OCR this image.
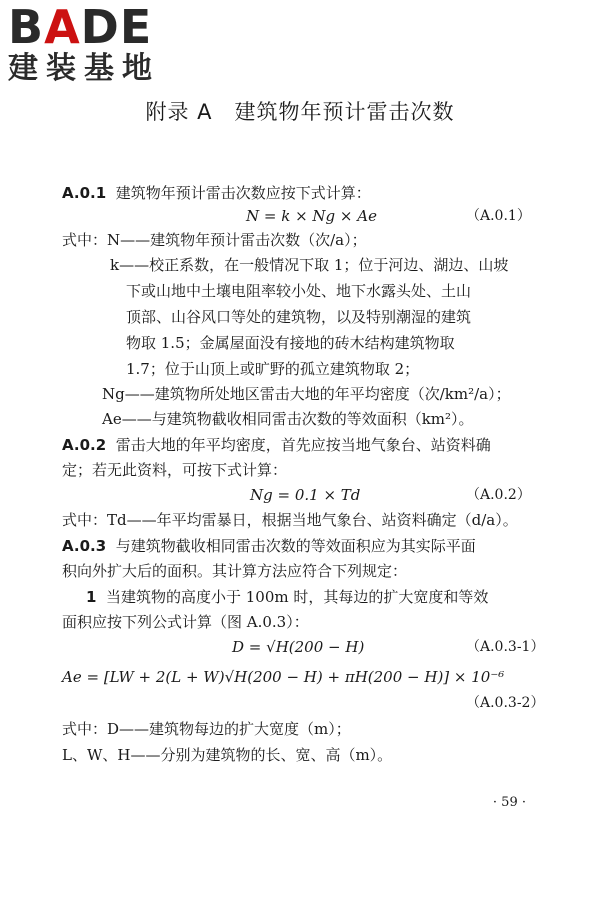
BADE
建装基地
附录 A 建筑物年预计雷击次数
A.0.1 建筑物年预计雷击次数应按下式计算：
N = k × Ng × Ae	（A.0.1）
式中：N——建筑物年预计雷击次数（次/a）；
k——校正系数，在一般情况下取 1；位于河边、湖边、山坡
下或山地中土壤电阻率较小处、地下水露头处、土山
顶部、山谷风口等处的建筑物，以及特别潮湿的建筑
物取 1.5；金属屋面没有接地的砖木结构建筑物取
1.7；位于山顶上或旷野的孤立建筑物取 2；
Ng——建筑物所处地区雷击大地的年平均密度（次/km²/a）；
Ae——与建筑物截收相同雷击次数的等效面积（km²）。
A.0.2 雷击大地的年平均密度，首先应按当地气象台、站资料确
定；若无此资料，可按下式计算：
Ng = 0.1 × Td	（A.0.2）
式中：Td——年平均雷暴日，根据当地气象台、站资料确定（d/a）。
A.0.3 与建筑物截收相同雷击次数的等效面积应为其实际平面
积向外扩大后的面积。其计算方法应符合下列规定：
1 当建筑物的高度小于 100m 时，其每边的扩大宽度和等效
面积应按下列公式计算（图 A.0.3）：
D = √H(200 − H)	（A.0.3-1）
Ae = [LW + 2(L + W)√H(200 − H) + πH(200 − H)] × 10⁻⁶
（A.0.3-2）
式中：D——建筑物每边的扩大宽度（m）；
L、W、H——分别为建筑物的长、宽、高（m）。
· 59 ·
